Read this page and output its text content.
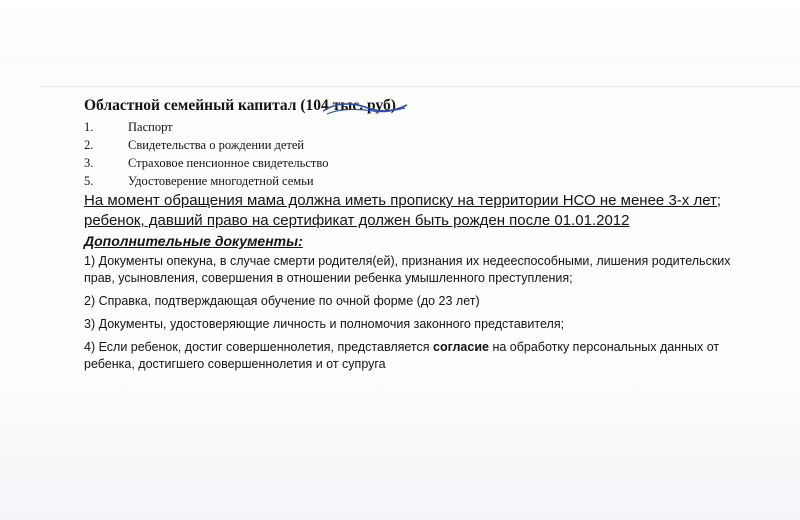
Областной семейный капитал (104 тыс. руб)
1.	Паспорт
2.	Свидетельства о рождении детей
3.	Страховое пенсионное свидетельство
5.	Удостоверение многодетной семьи
На момент обращения мама должна иметь прописку на территории НСО не менее 3-х лет; ребенок, давший право на сертификат должен быть рожден после 01.01.2012
Дополнительные документы:

1) Документы опекуна, в случае смерти родителя(ей), признания их недееспособными, лишения родительских прав, усыновления, совершения в отношении ребенка умышленного преступления;

2) Справка, подтверждающая обучение по очной форме (до 23 лет)

3) Документы, удостоверяющие личность и полномочия законного представителя;

4) Если ребенок, достиг совершеннолетия, представляется согласие на обработку персональных данных от ребенка, достигшего совершеннолетия и от супруга
